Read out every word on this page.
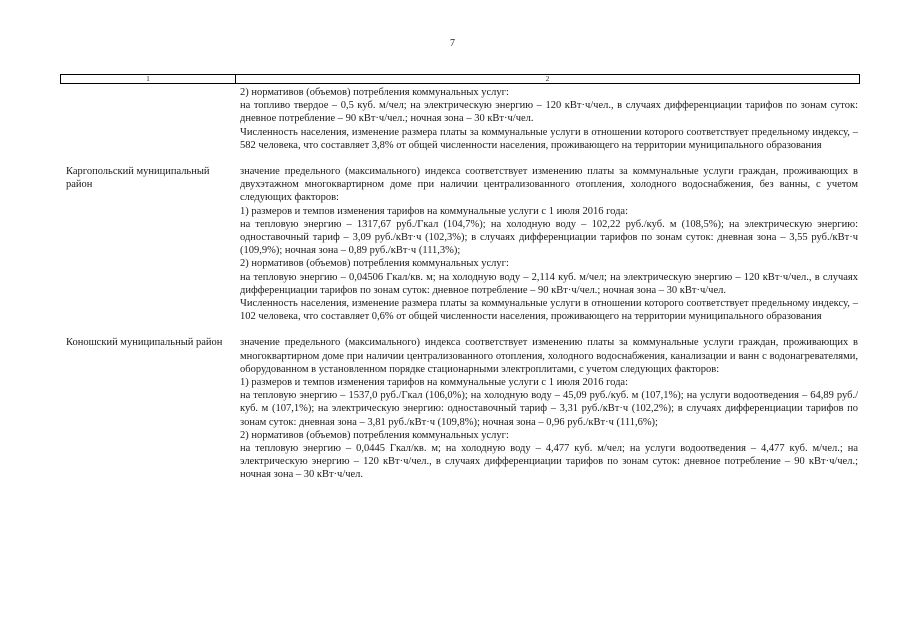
7
1	2

2) нормативов (объемов) потребления коммунальных услуг:

на топливо твердое – 0,5 куб. м/чел; на электрическую энергию – 120 кВт·ч/чел., в случаях дифференциации тарифов по зонам суток: дневное потребление – 90 кВт·ч/чел.; ночная зона – 30 кВт·ч/чел.

Численность населения, изменение размера платы за коммунальные услуги в отношении которого соответствует предельному индексу, – 582 человека, что составляет 3,8% от общей численности населения, проживающего на территории муниципального образования

Каргопольский муниципальный район

значение предельного (максимального) индекса соответствует изменению платы за коммунальные услуги граждан, проживающих в двухэтажном многоквартирном доме при наличии централизованного отопления, холодного водоснабжения, без ванны, с учетом следующих факторов:

1) размеров и темпов изменения тарифов на коммунальные услуги с 1 июля 2016 года:

на тепловую энергию – 1317,67 руб./Гкал (104,7%); на холодную воду – 102,22 руб./куб. м (108,5%); на электрическую энергию: одноставочный тариф – 3,09 руб./кВт·ч (102,3%); в случаях дифференциации тарифов по зонам суток: дневная зона – 3,55 руб./кВт·ч (109,9%); ночная зона – 0,89 руб./кВт·ч (111,3%);

2) нормативов (объемов) потребления коммунальных услуг:

на тепловую энергию – 0,04506 Гкал/кв. м; на холодную воду – 2,114 куб. м/чел; на электрическую энергию – 120 кВт·ч/чел., в случаях дифференциации тарифов по зонам суток: дневное потребление – 90 кВт·ч/чел.; ночная зона – 30 кВт·ч/чел.

Численность населения, изменение размера платы за коммунальные услуги в отношении которого соответствует предельному индексу, – 102 человека, что составляет 0,6% от общей численности населения, проживающего на территории муниципального образования

Коношский муниципальный район	значение предельного (максимального) индекса соответствует изменению платы за коммунальные услуги граждан, проживающих в многоквартирном доме при наличии централизованного отопления, холодного водоснабжения, канализации и ванн с водонагревателями, оборудованном в установленном порядке стационарными электроплитами, с учетом следующих факторов:

1) размеров и темпов изменения тарифов на коммунальные услуги с 1 июля 2016 года:

на тепловую энергию – 1537,0 руб./Гкал (106,0%); на холодную воду – 45,09 руб./куб. м (107,1%); на услуги водоотведения – 64,89 руб./куб. м (107,1%); на электрическую энергию: одноставочный тариф – 3,31 руб./кВт·ч (102,2%); в случаях дифференциации тарифов по зонам суток: дневная зона – 3,81 руб./кВт·ч (109,8%); ночная зона – 0,96 руб./кВт·ч (111,6%);

2) нормативов (объемов) потребления коммунальных услуг:

на тепловую энергию – 0,0445 Гкал/кв. м; на холодную воду – 4,477 куб. м/чел; на услуги водоотведения – 4,477 куб. м/чел.; на электрическую энергию – 120 кВт·ч/чел., в случаях дифференциации тарифов по зонам суток: дневное потребление – 90 кВт·ч/чел.; ночная зона – 30 кВт·ч/чел.
